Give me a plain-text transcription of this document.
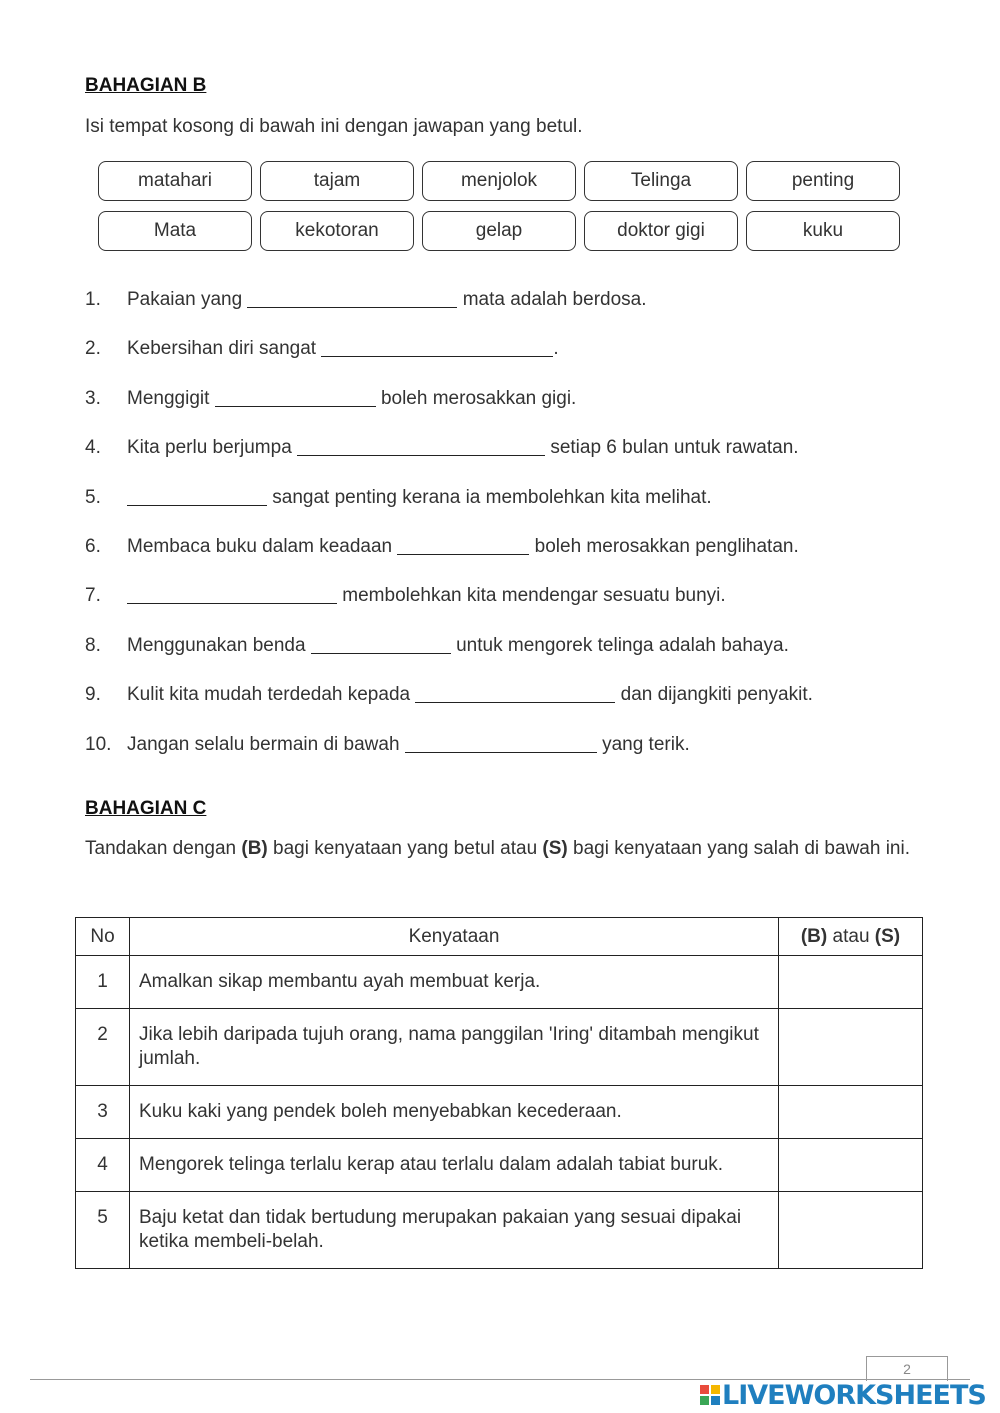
BAHAGIAN B
Isi tempat kosong di bawah ini dengan jawapan yang betul.
matahari	tajam	menjolok	Telinga	penting
Mata	kekotoran	gelap	doktor gigi	kuku
1.	Pakaian yang	mata adalah berdosa.
2.	Kebersihan diri sangat	.
3.	Menggigit	boleh merosakkan gigi.
4.	Kita perlu berjumpa	setiap 6 bulan untuk rawatan.
5.	sangat penting kerana ia membolehkan kita melihat.
6.	Membaca buku dalam keadaan	boleh merosakkan penglihatan.
7.	membolehkan kita mendengar sesuatu bunyi.
8.	Menggunakan benda	untuk mengorek telinga adalah bahaya.
9.	Kulit kita mudah terdedah kepada	dan dijangkiti penyakit.
10. Jangan selalu bermain di bawah	yang terik.
BAHAGIAN C
Tandakan dengan (B) bagi kenyataan yang betul atau (S) bagi kenyataan yang salah di bawah ini.
No	Kenyataan	(B) atau (S)
1	Amalkan sikap membantu ayah membuat kerja.	
2	Jika lebih daripada tujuh orang, nama panggilan 'Iring' ditambah mengikut jumlah.	
3	Kuku kaki yang pendek boleh menyebabkan kecederaan.	
4	Mengorek telinga terlalu kerap atau terlalu dalam adalah tabiat buruk.	
5	Baju ketat dan tidak bertudung merupakan pakaian yang sesuai dipakai ketika membeli-belah.	
2
LIVEWORKSHEETS
